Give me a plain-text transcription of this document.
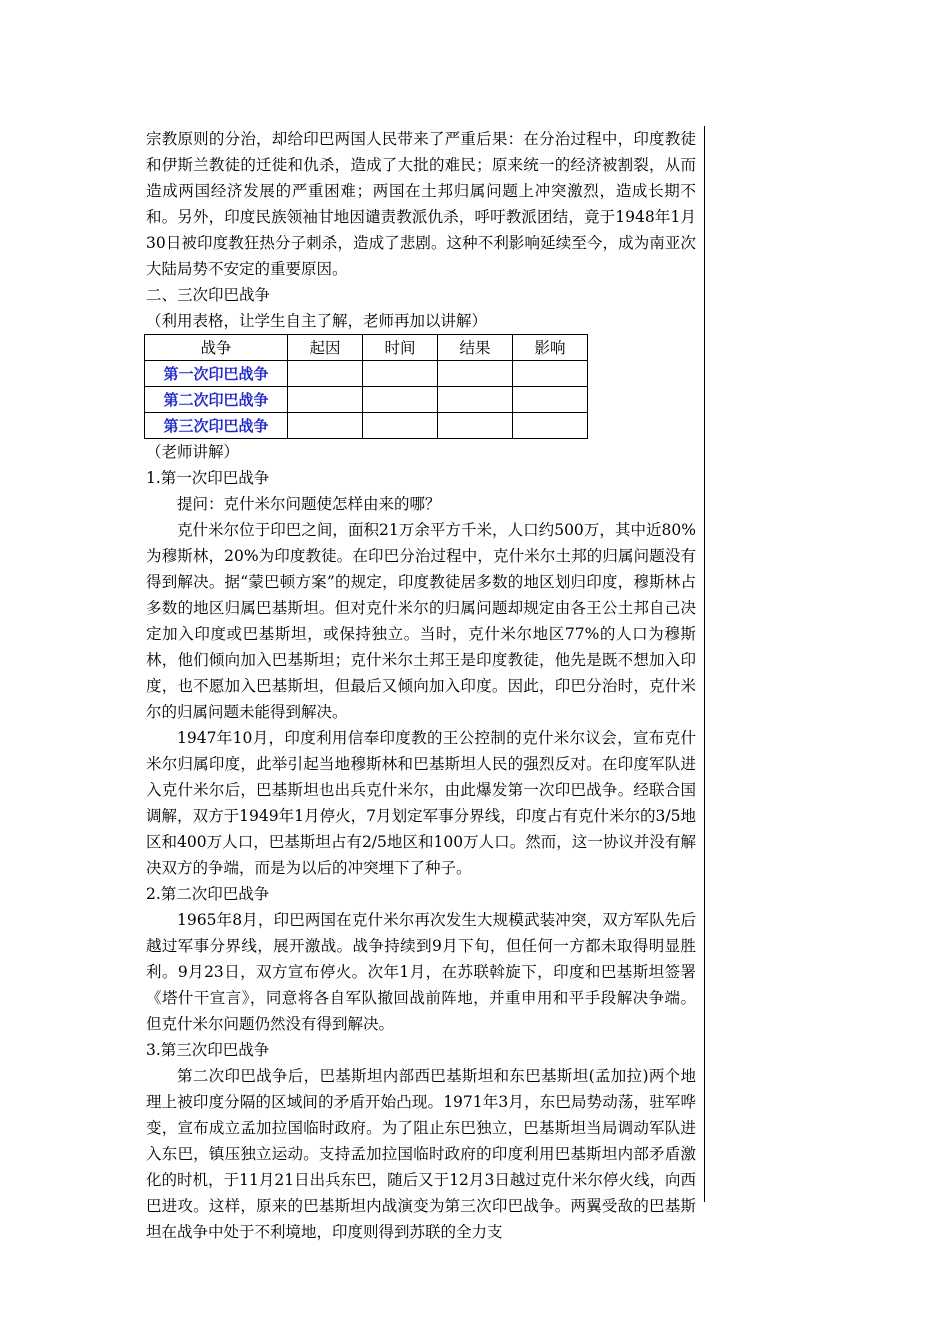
宗教原则的分治，却给印巴两国人民带来了严重后果：在分治过程中，印度教徒和伊斯兰教徒的迁徙和仇杀，造成了大批的难民；原来统一的经济被割裂，从而造成两国经济发展的严重困难；两国在土邦归属问题上冲突激烈，造成长期不和。另外，印度民族领袖甘地因谴责教派仇杀，呼吁教派团结，竟于1948年1月30日被印度教狂热分子刺杀，造成了悲剧。这种不利影响延续至今，成为南亚次大陆局势不安定的重要原因。

二、三次印巴战争

（利用表格，让学生自主了解，老师再加以讲解）

战争	起因	时间	结果	影响
第一次印巴战争				
第二次印巴战争				
第三次印巴战争				

（老师讲解）

1.第一次印巴战争

提问：克什米尔问题使怎样由来的哪？

克什米尔位于印巴之间，面积21万余平方千米，人口约500万，其中近80%为穆斯林，20%为印度教徒。在印巴分治过程中，克什米尔土邦的归属问题没有得到解决。据“蒙巴顿方案”的规定，印度教徒居多数的地区划归印度，穆斯林占多数的地区归属巴基斯坦。但对克什米尔的归属问题却规定由各王公土邦自己决定加入印度或巴基斯坦，或保持独立。当时，克什米尔地区77%的人口为穆斯林，他们倾向加入巴基斯坦；克什米尔土邦王是印度教徒，他先是既不想加入印度，也不愿加入巴基斯坦，但最后又倾向加入印度。因此，印巴分治时，克什米尔的归属问题未能得到解决。

1947年10月，印度利用信奉印度教的王公控制的克什米尔议会，宣布克什米尔归属印度，此举引起当地穆斯林和巴基斯坦人民的强烈反对。在印度军队进入克什米尔后，巴基斯坦也出兵克什米尔，由此爆发第一次印巴战争。经联合国调解，双方于1949年1月停火，7月划定军事分界线，印度占有克什米尔的3/5地区和400万人口，巴基斯坦占有2/5地区和100万人口。然而，这一协议并没有解决双方的争端，而是为以后的冲突埋下了种子。

2.第二次印巴战争

1965年8月，印巴两国在克什米尔再次发生大规模武装冲突，双方军队先后越过军事分界线，展开激战。战争持续到9月下旬，但任何一方都未取得明显胜利。9月23日，双方宣布停火。次年1月，在苏联斡旋下，印度和巴基斯坦签署《塔什干宣言》，同意将各自军队撤回战前阵地，并重申用和平手段解决争端。但克什米尔问题仍然没有得到解决。

3.第三次印巴战争

第二次印巴战争后，巴基斯坦内部西巴基斯坦和东巴基斯坦(孟加拉)两个地理上被印度分隔的区域间的矛盾开始凸现。1971年3月，东巴局势动荡，驻军哗变，宣布成立孟加拉国临时政府。为了阻止东巴独立，巴基斯坦当局调动军队进入东巴，镇压独立运动。支持孟加拉国临时政府的印度利用巴基斯坦内部矛盾激化的时机，于11月21日出兵东巴，随后又于12月3日越过克什米尔停火线，向西巴进攻。这样，原来的巴基斯坦内战演变为第三次印巴战争。两翼受敌的巴基斯坦在战争中处于不利境地，印度则得到苏联的全力支
